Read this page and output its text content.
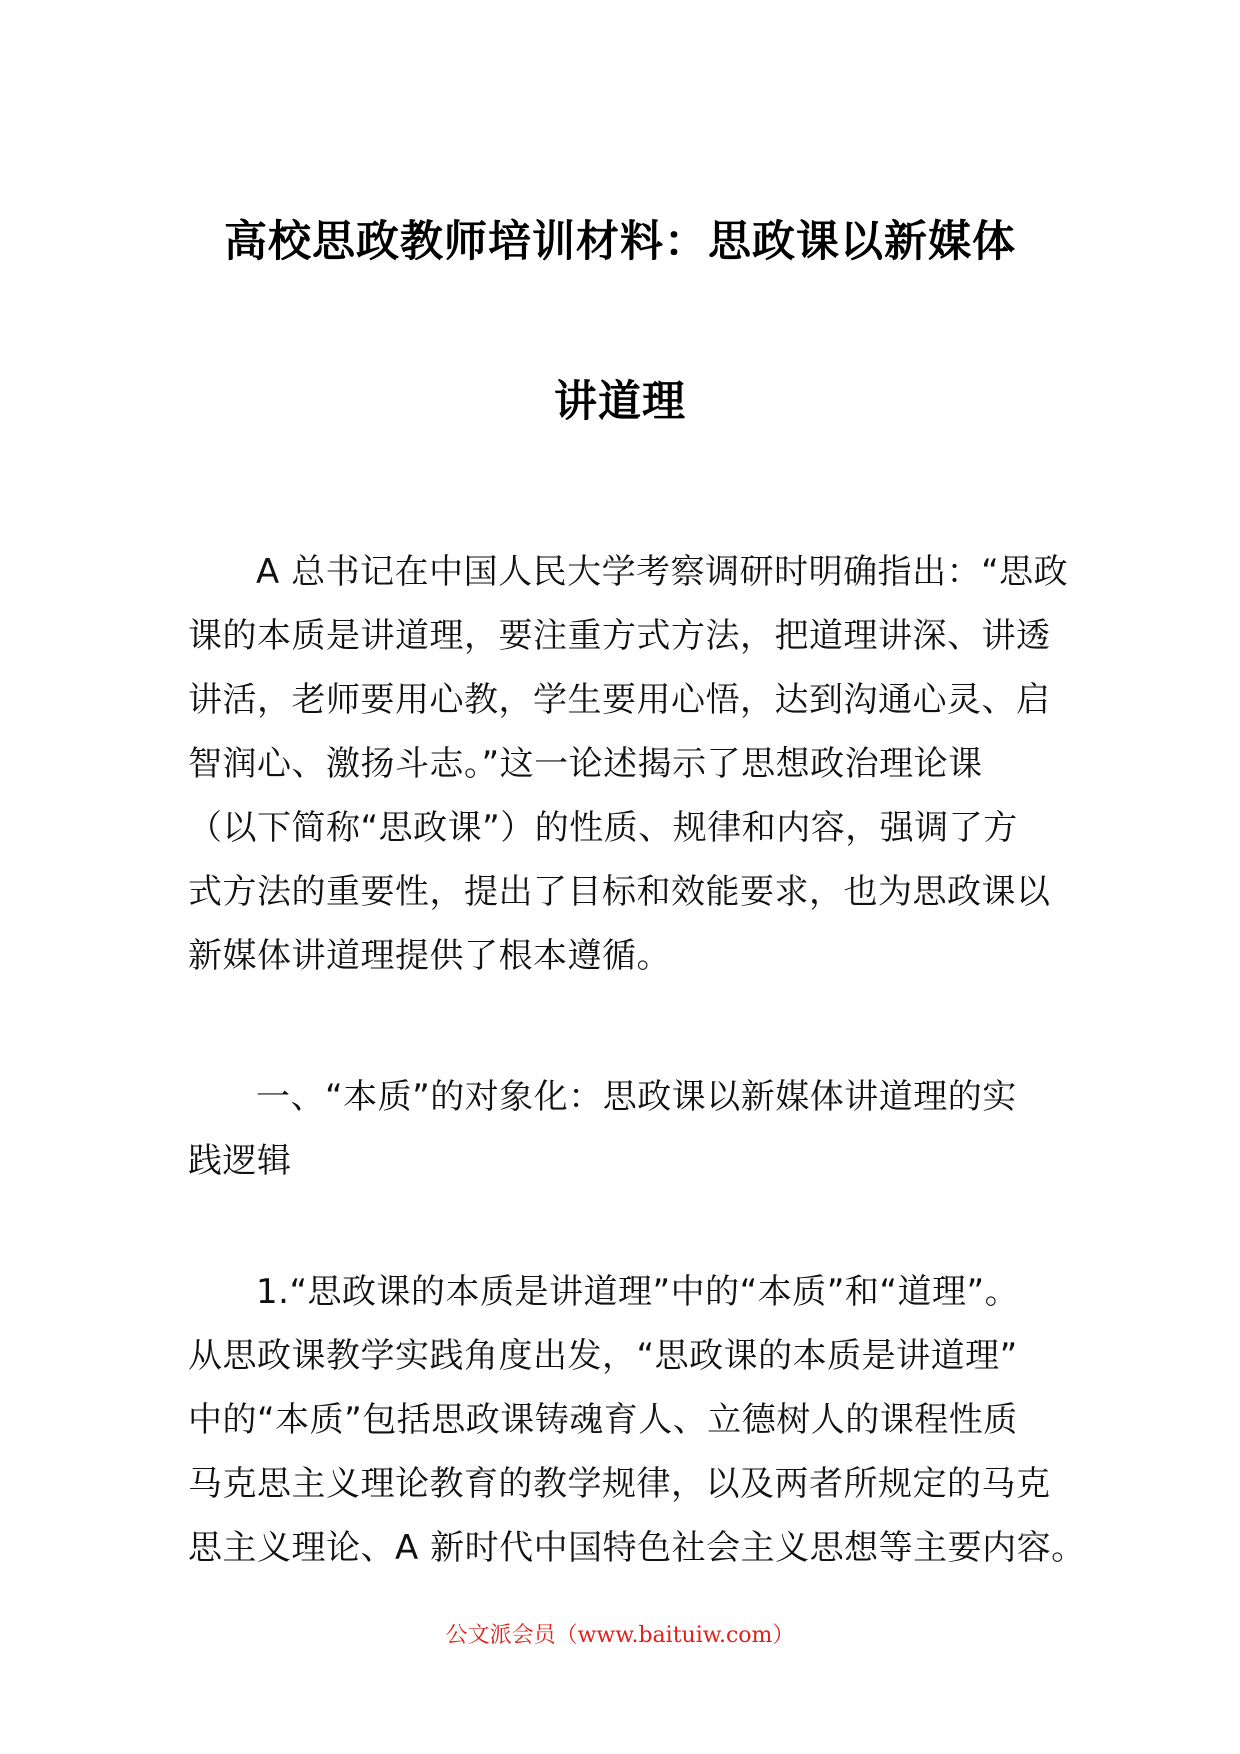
高校思政教师培训材料：思政课以新媒体
讲道理
A 总书记在中国人民大学考察调研时明确指出：“思政
课的本质是讲道理，要注重方式方法，把道理讲深、讲透
讲活，老师要用心教，学生要用心悟，达到沟通心灵、启
智润心、激扬斗志。”这一论述揭示了思想政治理论课
（以下简称“思政课”）的性质、规律和内容，强调了方
式方法的重要性，提出了目标和效能要求，也为思政课以
新媒体讲道理提供了根本遵循。
一、“本质”的对象化：思政课以新媒体讲道理的实
践逻辑
1.“思政课的本质是讲道理”中的“本质”和“道理”。
从思政课教学实践角度出发，“思政课的本质是讲道理”
中的“本质”包括思政课铸魂育人、立德树人的课程性质
马克思主义理论教育的教学规律，以及两者所规定的马克
思主义理论、A 新时代中国特色社会主义思想等主要内容。
公文派会员（www.baituiw.com）
